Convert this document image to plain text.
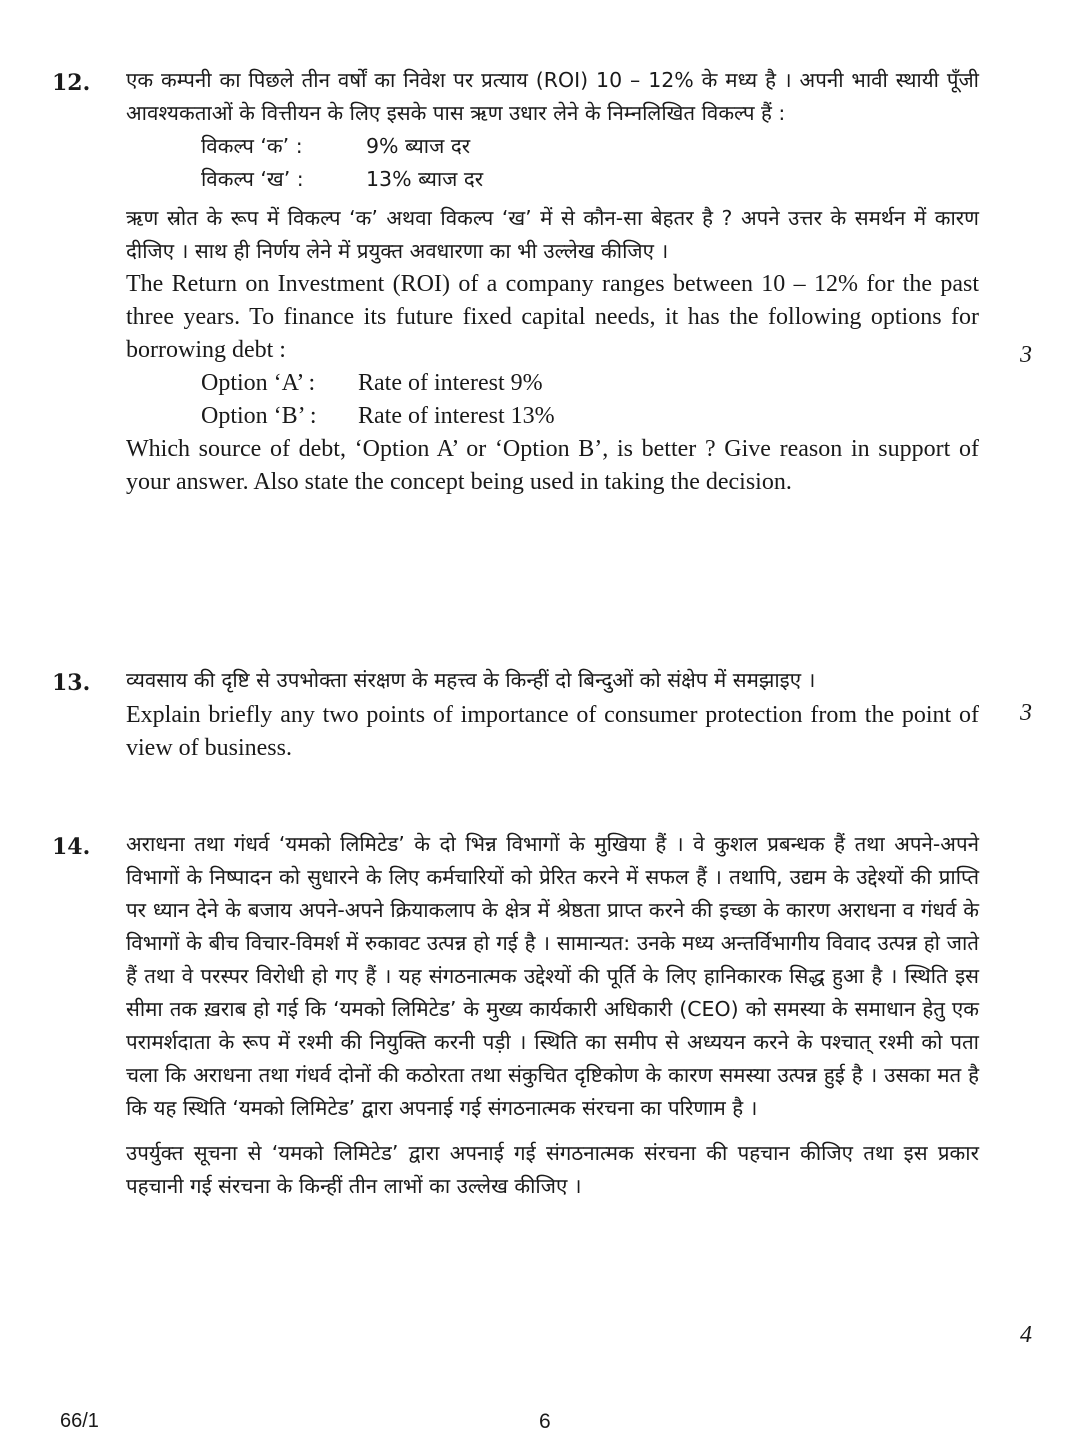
12. एक कम्पनी का पिछले तीन वर्षों का निवेश पर प्रत्याय (ROI) 10 – 12% के मध्य है । अपनी भावी स्थायी पूँजी आवश्यकताओं के वित्तीयन के लिए इसके पास ऋण उधार लेने के निम्नलिखित विकल्प हैं :

विकल्प ‘क’ :	9% ब्याज दर
विकल्प ‘ख’ :	13% ब्याज दर

ऋण स्रोत के रूप में विकल्प ‘क’ अथवा विकल्प ‘ख’ में से कौन-सा बेहतर है ? अपने उत्तर के समर्थन में कारण दीजिए । साथ ही निर्णय लेने में प्रयुक्त अवधारणा का भी उल्लेख कीजिए ।

The Return on Investment (ROI) of a company ranges between 10 – 12% for the past three years. To finance its future fixed capital needs, it has the following options for borrowing debt :

Option ‘A’ :	Rate of interest 9%
Option ‘B’ :	Rate of interest 13%

Which source of debt, ‘Option A’ or ‘Option B’, is better ? Give reason in support of your answer. Also state the concept being used in taking the decision.

3
13. व्यवसाय की दृष्टि से उपभोक्ता संरक्षण के महत्त्व के किन्हीं दो बिन्दुओं को संक्षेप में समझाइए ।

Explain briefly any two points of importance of consumer protection from the point of view of business.

3
14. अराधना तथा गंधर्व ‘यमको लिमिटेड’ के दो भिन्न विभागों के मुखिया हैं । वे कुशल प्रबन्धक हैं तथा अपने-अपने विभागों के निष्पादन को सुधारने के लिए कर्मचारियों को प्रेरित करने में सफल हैं । तथापि, उद्यम के उद्देश्यों की प्राप्ति पर ध्यान देने के बजाय अपने-अपने क्रियाकलाप के क्षेत्र में श्रेष्ठता प्राप्त करने की इच्छा के कारण अराधना व गंधर्व के विभागों के बीच विचार-विमर्श में रुकावट उत्पन्न हो गई है । सामान्यत: उनके मध्य अन्तर्विभागीय विवाद उत्पन्न हो जाते हैं तथा वे परस्पर विरोधी हो गए हैं । यह संगठनात्मक उद्देश्यों की पूर्ति के लिए हानिकारक सिद्ध हुआ है । स्थिति इस सीमा तक ख़राब हो गई कि ‘यमको लिमिटेड’ के मुख्य कार्यकारी अधिकारी (CEO) को समस्या के समाधान हेतु एक परामर्शदाता के रूप में रश्मी की नियुक्ति करनी पड़ी । स्थिति का समीप से अध्ययन करने के पश्चात् रश्मी को पता चला कि अराधना तथा गंधर्व दोनों की कठोरता तथा संकुचित दृष्टिकोण के कारण समस्या उत्पन्न हुई है । उसका मत है कि यह स्थिति ‘यमको लिमिटेड’ द्वारा अपनाई गई संगठनात्मक संरचना का परिणाम है ।

उपर्युक्त सूचना से ‘यमको लिमिटेड’ द्वारा अपनाई गई संगठनात्मक संरचना की पहचान कीजिए तथा इस प्रकार पहचानी गई संरचना के किन्हीं तीन लाभों का उल्लेख कीजिए ।

4
66/1	6
